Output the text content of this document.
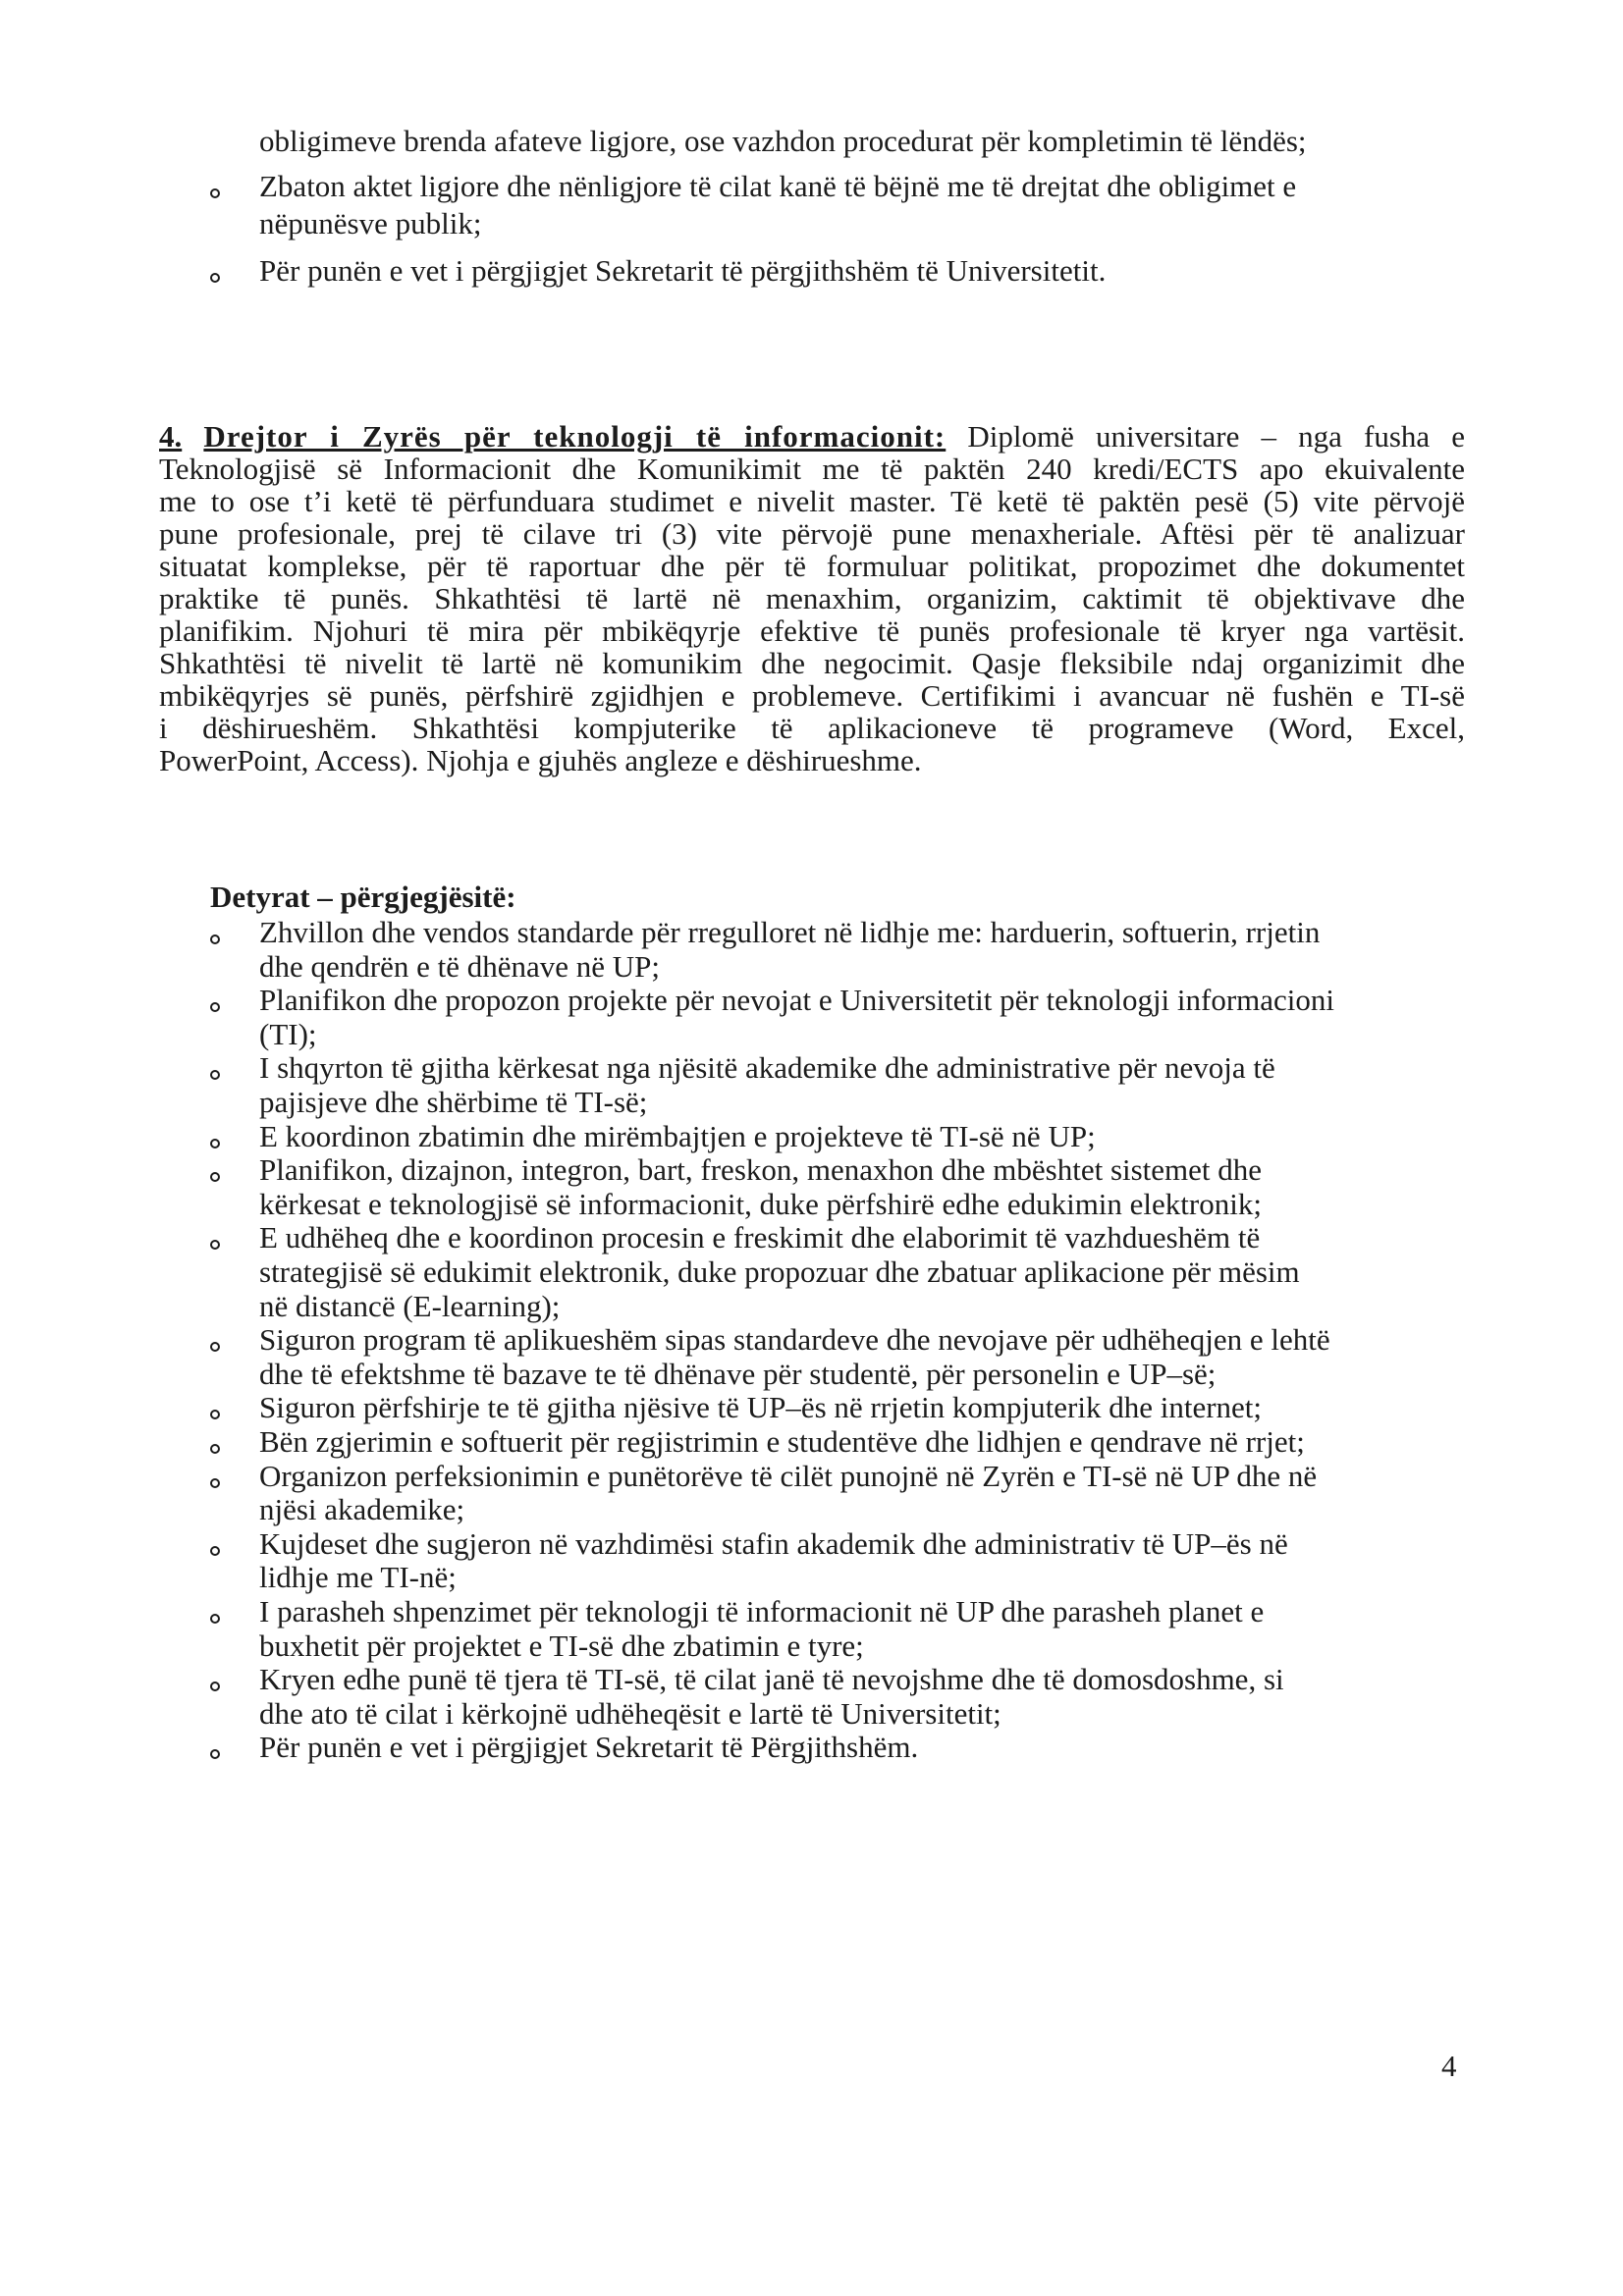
obligimeve brenda afateve ligjore, ose vazhdon procedurat për kompletimin të lëndës;
Zbaton aktet ligjore dhe nënligjore të cilat kanë të bëjnë me të drejtat dhe obligimet e
nëpunësve publik;
Për punën e vet i përgjigjet Sekretarit të përgjithshëm të Universitetit.
4. Drejtor i Zyrës për teknologji të informacionit: Diplomë universitare – nga fusha e
Teknologjisë së Informacionit dhe Komunikimit me të paktën 240 kredi/ECTS apo ekuivalente
me to ose t’i ketë të përfunduara studimet e nivelit master. Të ketë të paktën pesë (5) vite përvojë
pune profesionale, prej të cilave tri (3) vite përvojë pune menaxheriale. Aftësi për të analizuar
situatat komplekse, për të raportuar dhe për të formuluar politikat, propozimet dhe dokumentet
praktike të punës. Shkathtësi të lartë në menaxhim, organizim, caktimit të objektivave dhe
planifikim. Njohuri të mira për mbikëqyrje efektive të punës profesionale të kryer nga vartësit.
Shkathtësi të nivelit të lartë në komunikim dhe negocimit. Qasje fleksibile ndaj organizimit dhe
mbikëqyrjes së punës, përfshirë zgjidhjen e problemeve. Certifikimi i avancuar në fushën e TI-së
i dëshirueshëm. Shkathtësi kompjuterike të aplikacioneve të programeve (Word, Excel,
PowerPoint, Access). Njohja e gjuhës angleze e dëshirueshme.
Detyrat – përgjegjësitë:
Zhvillon dhe vendos standarde për rregulloret në lidhje me: harduerin, softuerin, rrjetin
dhe qendrën e të dhënave në UP;
Planifikon dhe propozon projekte për nevojat e Universitetit për teknologji informacioni
(TI);
I shqyrton të gjitha kërkesat nga njësitë akademike dhe administrative për nevoja të
pajisjeve dhe shërbime të TI-së;
E koordinon zbatimin dhe mirëmbajtjen e projekteve të TI-së në UP;
Planifikon, dizajnon, integron, bart, freskon, menaxhon dhe mbështet sistemet dhe
kërkesat e teknologjisë së informacionit, duke përfshirë edhe edukimin elektronik;
E udhëheq dhe e koordinon procesin e freskimit dhe elaborimit të vazhdueshëm të
strategjisë së edukimit elektronik, duke propozuar dhe zbatuar aplikacione për mësim
në distancë (E-learning);
Siguron program të aplikueshëm sipas standardeve dhe nevojave për udhëheqjen e lehtë
dhe të efektshme të bazave te të dhënave për studentë, për personelin e UP–së;
Siguron përfshirje te të gjitha njësive të UP–ës në rrjetin kompjuterik dhe internet;
Bën zgjerimin e softuerit për regjistrimin e studentëve dhe lidhjen e qendrave në rrjet;
Organizon perfeksionimin e punëtorëve të cilët punojnë në Zyrën e TI-së në UP dhe në
njësi akademike;
Kujdeset dhe sugjeron në vazhdimësi stafin akademik dhe administrativ të UP–ës në
lidhje me TI-në;
I parasheh shpenzimet për teknologji të informacionit në UP dhe parasheh planet e
buxhetit për projektet e TI-së dhe zbatimin e tyre;
Kryen edhe punë të tjera të TI-së, të cilat janë të nevojshme dhe të domosdoshme, si
dhe ato të cilat i kërkojnë udhëheqësit e lartë të Universitetit;
Për punën e vet i përgjigjet Sekretarit të Përgjithshëm.
4
